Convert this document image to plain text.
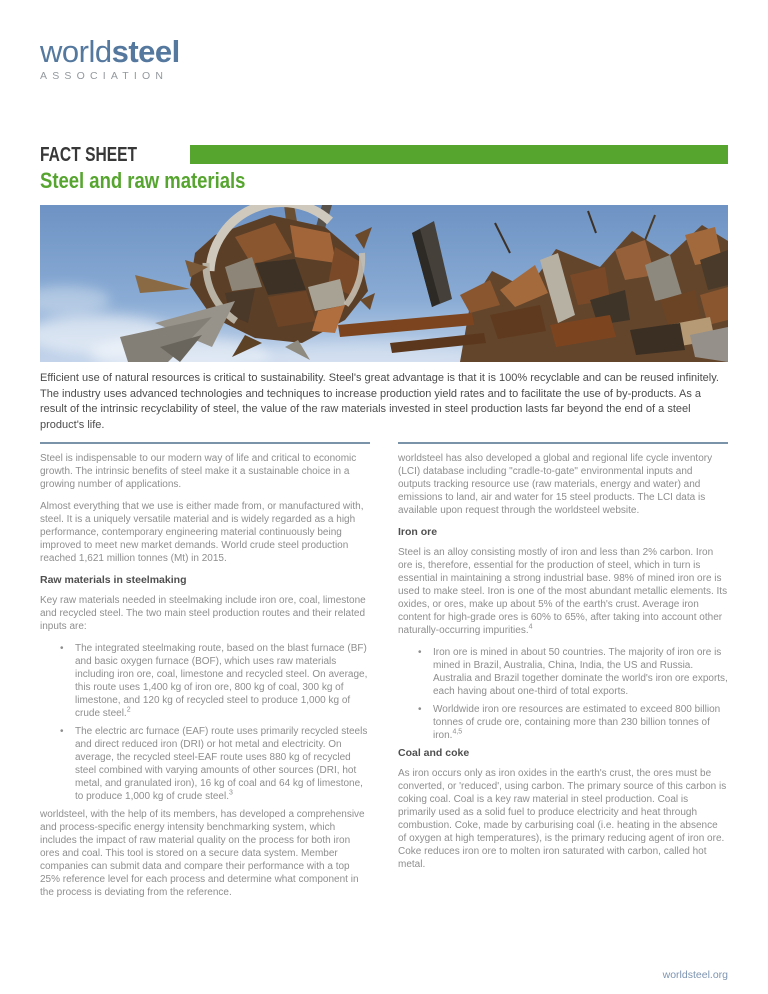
worldsteel
ASSOCIATION
FACT SHEET
Steel and raw materials

Efficient use of natural resources is critical to sustainability. Steel's great advantage is that it is 100% recyclable and can be reused infinitely. The industry uses advanced technologies and techniques to increase production yield rates and to facilitate the use of by-products. As a result of the intrinsic recyclability of steel, the value of the raw materials invested in steel production lasts far beyond the end of a steel product's life.

Steel is indispensable to our modern way of life and critical to economic growth. The intrinsic benefits of steel make it a sustainable choice in a growing number of applications.

Almost everything that we use is either made from, or manufactured with, steel. It is a uniquely versatile material and is widely regarded as a high performance, contemporary engineering material continuously being improved to meet new market demands. World crude steel production reached 1,621 million tonnes (Mt) in 2015.

Raw materials in steelmaking

Key raw materials needed in steelmaking include iron ore, coal, limestone and recycled steel. The two main steel production routes and their related inputs are:

•
The integrated steelmaking route, based on the blast furnace (BF) and basic oxygen furnace (BOF), which uses raw materials including iron ore, coal, limestone and recycled steel. On average, this route uses 1,400 kg of iron ore, 800 kg of coal, 300 kg of limestone, and 120 kg of recycled steel to produce 1,000 kg of crude steel.$^2$
•
The electric arc furnace (EAF) route uses primarily recycled steels and direct reduced iron (DRI) or hot metal and electricity. On average, the recycled steel-EAF route uses 880 kg of recycled steel combined with varying amounts of other sources (DRI, hot metal, and granulated iron), 16 kg of coal and 64 kg of limestone, to produce 1,000 kg of crude steel.$^3$

worldsteel, with the help of its members, has developed a comprehensive and process-specific energy intensity benchmarking system, which includes the impact of raw material quality on the process for both iron ores and coal. This tool is stored on a secure data system. Member companies can submit data and compare their performance with a top 25% reference level for each process and determine what component in the process is deviating from the reference.

worldsteel has also developed a global and regional life cycle inventory (LCI) database including "cradle-to-gate" environmental inputs and outputs tracking resource use (raw materials, energy and water) and emissions to land, air and water for 15 steel products. The LCI data is available upon request through the worldsteel website.

Iron ore

Steel is an alloy consisting mostly of iron and less than 2% carbon. Iron ore is, therefore, essential for the production of steel, which in turn is essential in maintaining a strong industrial base. 98% of mined iron ore is used to make steel. Iron is one of the most abundant metallic elements. Its oxides, or ores, make up about 5% of the earth's crust. Average iron content for high-grade ores is 60% to 65%, after taking into account other naturally-occurring impurities.$^4$

•
Iron ore is mined in about 50 countries. The majority of iron ore is mined in Brazil, Australia, China, India, the US and Russia. Australia and Brazil together dominate the world's iron ore exports, each having about one-third of total exports.
•
Worldwide iron ore resources are estimated to exceed 800 billion tonnes of crude ore, containing more than 230 billion tonnes of iron.$^{4,5}$
Coal and coke

As iron occurs only as iron oxides in the earth's crust, the ores must be converted, or 'reduced', using carbon. The primary source of this carbon is coking coal. Coal is a key raw material in steel production. Coal is primarily used as a solid fuel to produce electricity and heat through combustion. Coke, made by carburising coal (i.e. heating in the absence of oxygen at high temperatures), is the primary reducing agent of iron ore. Coke reduces iron ore to molten iron saturated with carbon, called hot metal.

worldsteel.org
